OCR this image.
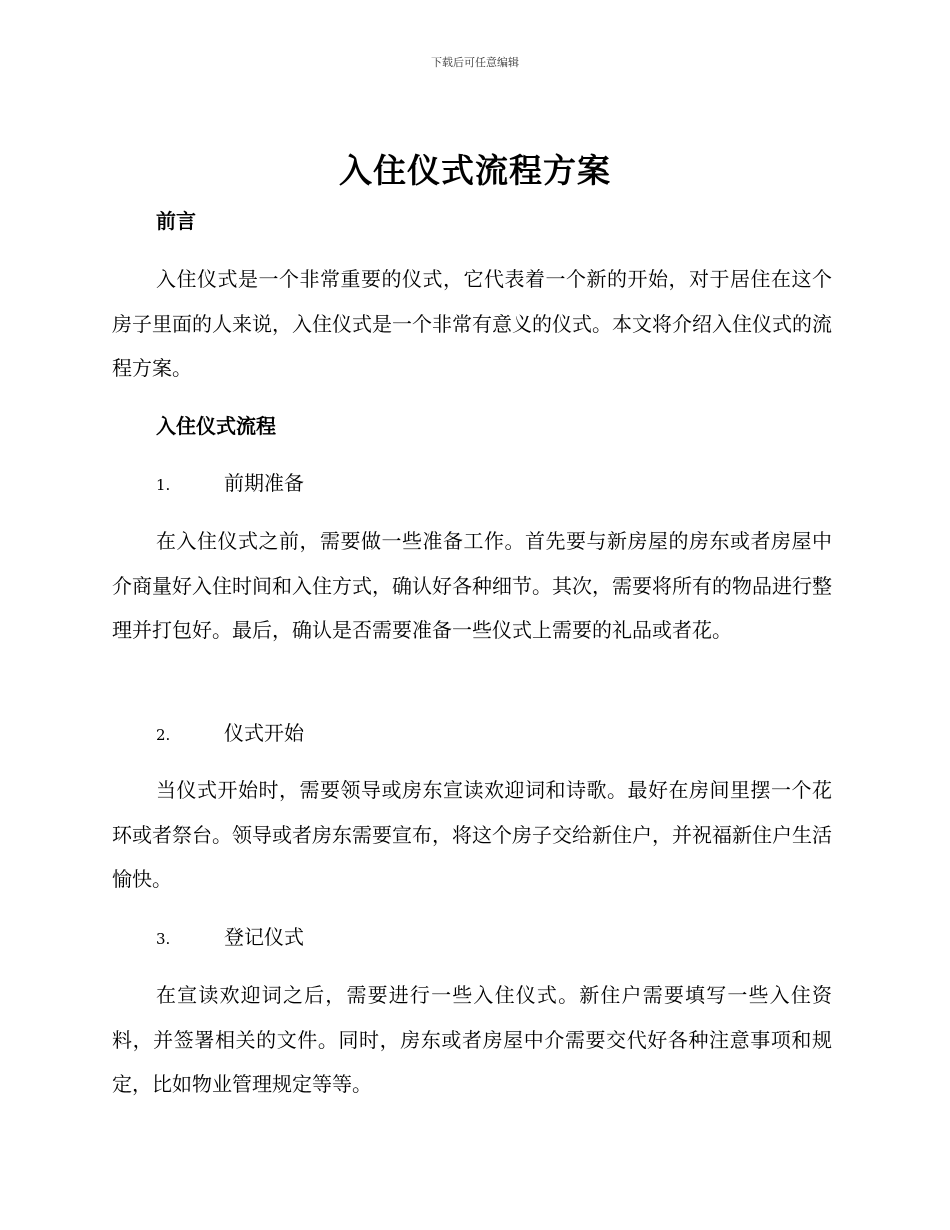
下载后可任意编辑
入住仪式流程方案
前言
入住仪式是一个非常重要的仪式，它代表着一个新的开始，对于居住在这个房子里面的人来说，入住仪式是一个非常有意义的仪式。本文将介绍入住仪式的流程方案。
入住仪式流程
1.	前期准备
在入住仪式之前，需要做一些准备工作。首先要与新房屋的房东或者房屋中介商量好入住时间和入住方式，确认好各种细节。其次，需要将所有的物品进行整理并打包好。最后，确认是否需要准备一些仪式上需要的礼品或者花。
2.	仪式开始
当仪式开始时，需要领导或房东宣读欢迎词和诗歌。最好在房间里摆一个花环或者祭台。领导或者房东需要宣布，将这个房子交给新住户，并祝福新住户生活愉快。
3.	登记仪式
在宣读欢迎词之后，需要进行一些入住仪式。新住户需要填写一些入住资料，并签署相关的文件。同时，房东或者房屋中介需要交代好各种注意事项和规定，比如物业管理规定等等。
